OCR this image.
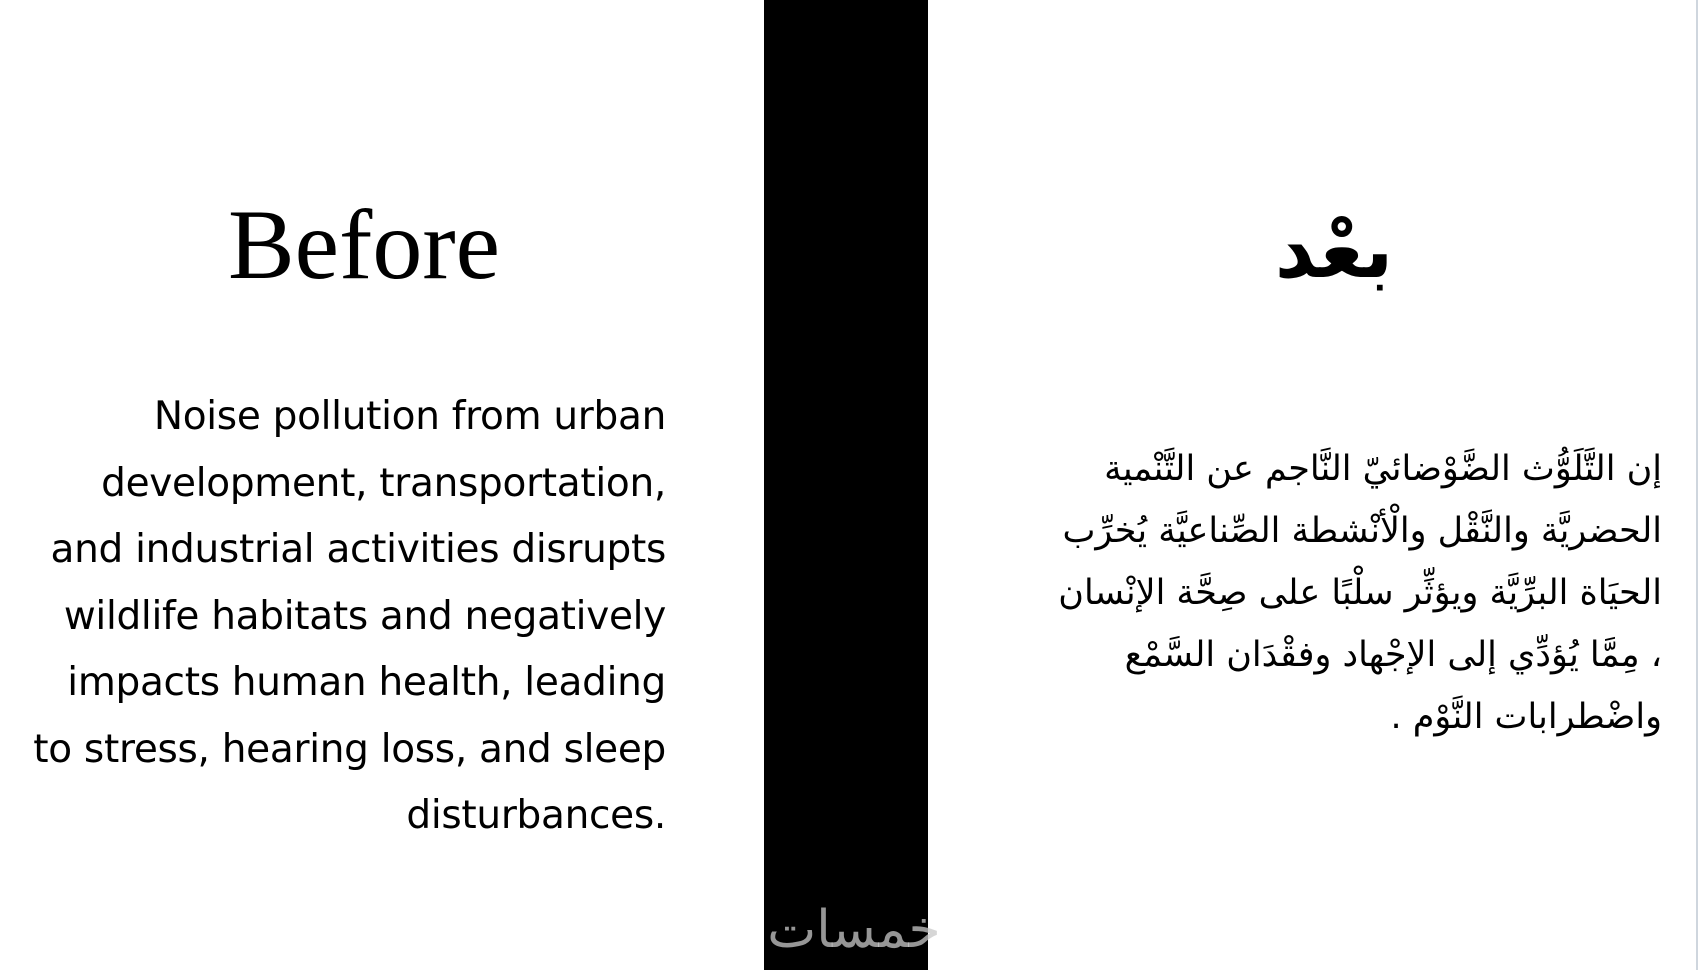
Before

Noise pollution from urban development, transportation, and industrial activities disrupts wildlife habitats and negatively impacts human health, leading to stress, hearing loss, and sleep disturbances.

بعْد

إن التَّلَوُّث الضَّوْضائيّ النَّاجم عن التَّنْمية الحضريَّة والنَّقْل والْأنْشطة الصِّناعيَّة يُخرِّب الحيَاة البرِّيَّة ويؤثِّر سلْبًا على صِحَّة الإنْسان ، مِمَّا يُؤدِّي إلى الإجْهاد وفقْدَان السَّمْع واضْطرابات النَّوْم .

خمسات
